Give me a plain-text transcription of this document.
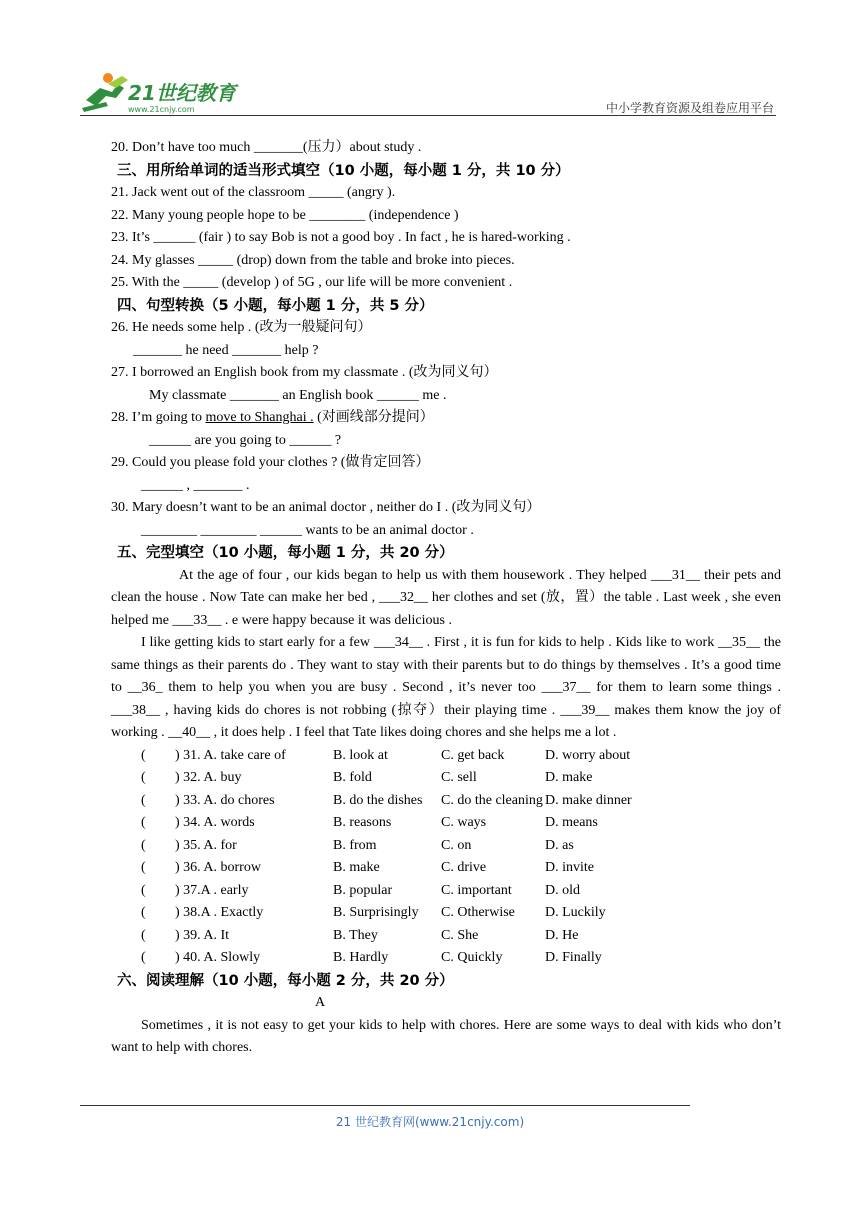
21世纪教育
www.21cnjy.com	中小学教育资源及组卷应用平台
20. Don’t have too much _______(压力）about study .
三、用所给单词的适当形式填空（10 小题，每小题 1 分，共 10 分）
21. Jack went out of the classroom _____ (angry ).
22. Many young people hope to be ________ (independence )
23. It’s ______ (fair ) to say Bob is not a good boy . In fact , he is hared-working .
24. My glasses _____ (drop) down from the table and broke into pieces.
25. With the _____ (develop ) of 5G , our life will be more convenient .
四、句型转换（5 小题，每小题 1 分，共 5 分）
26. He needs some help . (改为一般疑问句）
_______ he need _______ help ?
27. I borrowed an English book from my classmate . (改为同义句）
My classmate _______ an English book ______ me .
28. I’m going to move to Shanghai . (对画线部分提问）
______ are you going to ______ ?
29. Could you please fold your clothes ? (做肯定回答）
______ , _______ .
30. Mary doesn’t want to be an animal doctor , neither do I . (改为同义句）
________ ________ ______ wants to be an animal doctor .
五、完型填空（10 小题，每小题 1 分，共 20 分）
At the age of four , our kids began to help us with them housework . They helped ___31__ their pets and clean the house . Now Tate can make her bed , ___32__ her clothes and set (放，置）the table . Last week , she even helped me ___33__ . e were happy because it was delicious .
I like getting kids to start early for a few ___34__ . First , it is fun for kids to help . Kids like to work __35__ the same things as their parents do . They want to stay with their parents but to do things by themselves . It’s a good time to __36_ them to help you when you are busy . Second , it’s never too ___37__ for them to learn some things . ___38__ , having kids do chores is not robbing (掠夺）their playing time . ___39__ makes them know the joy of working . __40__ , it does help . I feel that Tate likes doing chores and she helps me a lot .
(	) 31. A. take care of	B. look at	C. get back	D. worry about
(	) 32. A. buy	B. fold	C. sell	D. make
(	) 33. A. do chores	B. do the dishes	C. do the cleaning D. make dinner
(	) 34. A. words	B. reasons	C. ways	D. means
(	) 35. A. for	B. from	C. on	D. as
(	) 36. A. borrow	B. make	C. drive	D. invite
(	) 37.A . early	B. popular	C. important	D. old
(	) 38.A . Exactly	B. Surprisingly	C. Otherwise	D. Luckily
(	) 39. A. It	B. They	C. She	D. He
(	) 40. A. Slowly	B. Hardly	C. Quickly	D. Finally
六、阅读理解（10 小题，每小题 2 分，共 20 分）
A
Sometimes , it is not easy to get your kids to help with chores. Here are some ways to deal with kids who don’t want to help with chores.
21 世纪教育网(www.21cnjy.com)
